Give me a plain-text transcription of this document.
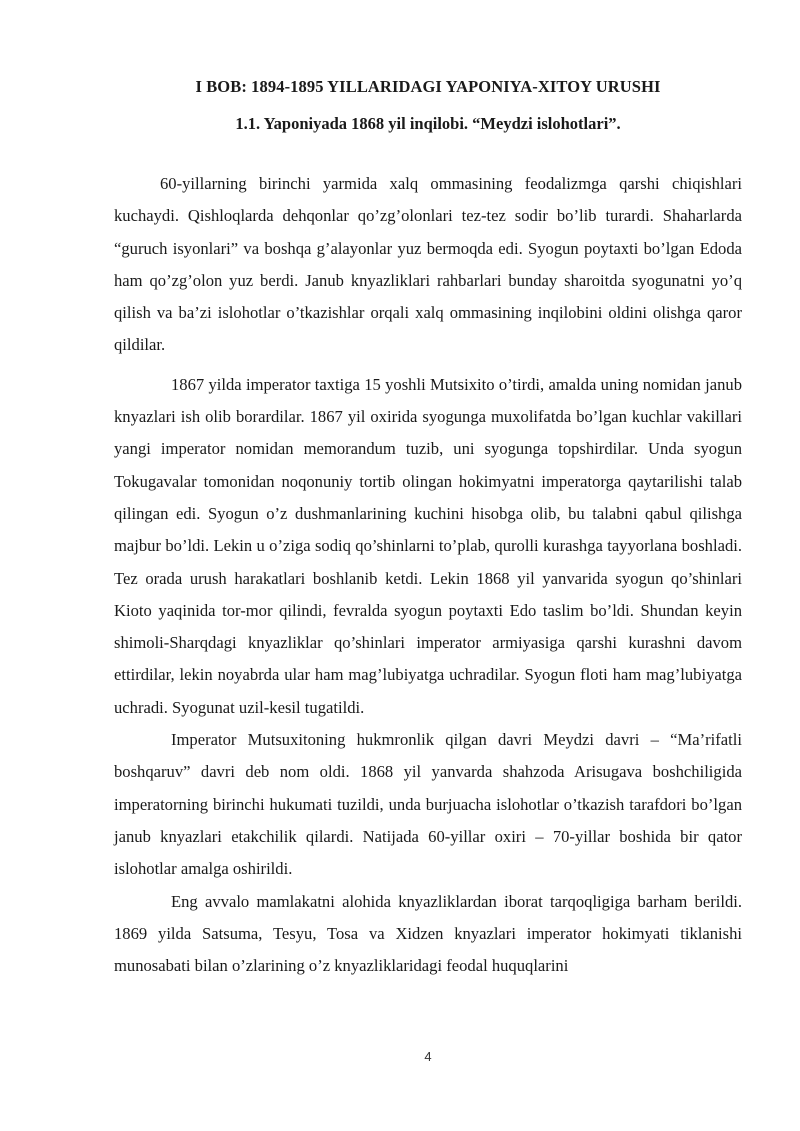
I BOB: 1894-1895 YILLARIDAGI YAPONIYA-XITOY URUSHI
1.1. Yaponiyada 1868 yil inqilobi. “Meydzi islohotlari”.

60-yillarning birinchi yarmida xalq ommasining feodalizmga qarshi chiqishlari kuchaydi. Qishloqlarda dehqonlar qo’zg’olonlari tez-tez sodir bo’lib turardi. Shaharlarda “guruch isyonlari” va boshqa g’alayonlar yuz bermoqda edi. Syogun poytaxti bo’lgan Edoda ham qo’zg’olon yuz berdi. Janub knyazliklari rahbarlari bunday sharoitda syogunatni yo’q qilish va ba’zi islohotlar o’tkazishlar orqali xalq ommasining inqilobini oldini olishga qaror qildilar.

1867 yilda imperator taxtiga 15 yoshli Mutsixito o’tirdi, amalda uning nomidan janub knyazlari ish olib borardilar. 1867 yil oxirida syogunga muxolifatda bo’lgan kuchlar vakillari yangi imperator nomidan memorandum tuzib, uni syogunga topshirdilar. Unda syogun Tokugavalar tomonidan noqonuniy tortib olingan hokimyatni imperatorga qaytarilishi talab qilingan edi. Syogun o’z dushmanlarining kuchini hisobga olib, bu talabni qabul qilishga majbur bo’ldi. Lekin u o’ziga sodiq qo’shinlarni to’plab, qurolli kurashga tayyorlana boshladi. Tez orada urush harakatlari boshlanib ketdi. Lekin 1868 yil yanvarida syogun qo’shinlari Kioto yaqinida tor-mor qilindi, fevralda syogun poytaxti Edo taslim bo’ldi. Shundan keyin shimoli-Sharqdagi knyazliklar qo’shinlari imperator armiyasiga qarshi kurashni davom ettirdilar, lekin noyabrda ular ham mag’lubiyatga uchradilar. Syogun floti ham mag’lubiyatga uchradi. Syogunat uzil-kesil tugatildi.

Imperator Mutsuxitoning hukmronlik qilgan davri Meydzi davri – “Ma’rifatli boshqaruv” davri deb nom oldi. 1868 yil yanvarda shahzoda Arisugava boshchiligida imperatorning birinchi hukumati tuzildi, unda burjuacha islohotlar o’tkazish tarafdori bo’lgan janub knyazlari etakchilik qilardi. Natijada 60-yillar oxiri – 70-yillar boshida bir qator islohotlar amalga oshirildi.

Eng avvalo mamlakatni alohida knyazliklardan iborat tarqoqligiga barham berildi. 1869 yilda Satsuma, Tesyu, Tosa va Xidzen knyazlari imperator hokimyati tiklanishi munosabati bilan o’zlarining o’z knyazliklaridagi feodal huquqlarini

4
